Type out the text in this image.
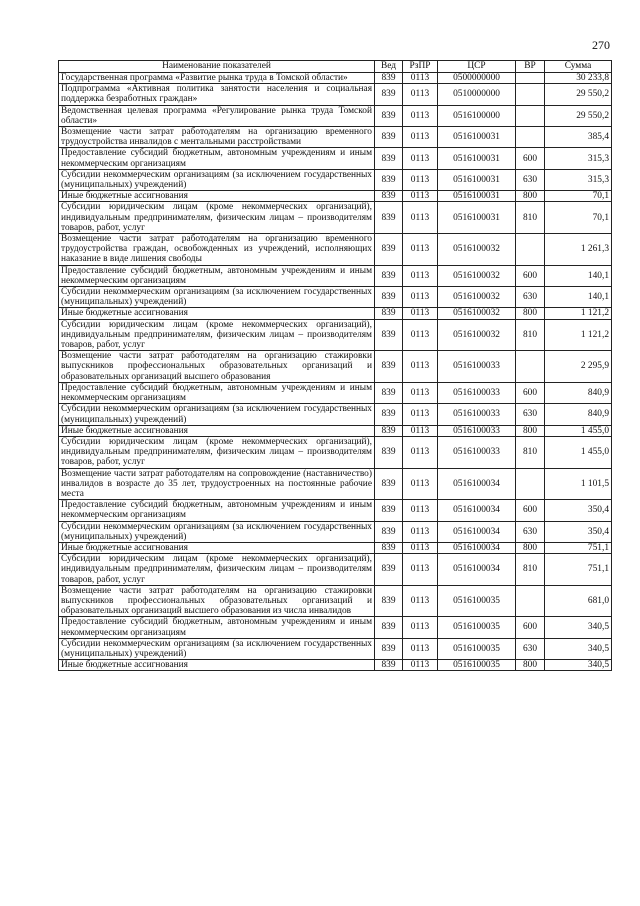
270
Наименование показателей	Вед	РзПР	ЦСР	ВР	Сумма
Государственная программа «Развитие рынка труда в Томской области»	839	0113	0500000000		30 233,8
Подпрограмма «Активная политика занятости населения и социальная поддержка безработных граждан»	839	0113	0510000000		29 550,2
Ведомственная целевая программа «Регулирование рынка труда Томской области»	839	0113	0516100000		29 550,2
Возмещение части затрат работодателям на организацию временного трудоустройства инвалидов с ментальными расстройствами	839	0113	0516100031		385,4
Предоставление субсидий бюджетным, автономным учреждениям и иным некоммерческим организациям	839	0113	0516100031	600	315,3
Субсидии некоммерческим организациям (за исключением государственных (муниципальных) учреждений)	839	0113	0516100031	630	315,3
Иные бюджетные ассигнования	839	0113	0516100031	800	70,1
Субсидии юридическим лицам (кроме некоммерческих организаций), индивидуальным предпринимателям, физическим лицам – производителям товаров, работ, услуг	839	0113	0516100031	810	70,1
Возмещение части затрат работодателям на организацию временного трудоустройства граждан, освобожденных из учреждений, исполняющих наказание в виде лишения свободы	839	0113	0516100032		1 261,3
Предоставление субсидий бюджетным, автономным учреждениям и иным некоммерческим организациям	839	0113	0516100032	600	140,1
Субсидии некоммерческим организациям (за исключением государственных (муниципальных) учреждений)	839	0113	0516100032	630	140,1
Иные бюджетные ассигнования	839	0113	0516100032	800	1 121,2
Субсидии юридическим лицам (кроме некоммерческих организаций), индивидуальным предпринимателям, физическим лицам – производителям товаров, работ, услуг	839	0113	0516100032	810	1 121,2
Возмещение части затрат работодателям на организацию стажировки выпускников профессиональных образовательных организаций и образовательных организаций высшего образования	839	0113	0516100033		2 295,9
Предоставление субсидий бюджетным, автономным учреждениям и иным некоммерческим организациям	839	0113	0516100033	600	840,9
Субсидии некоммерческим организациям (за исключением государственных (муниципальных) учреждений)	839	0113	0516100033	630	840,9
Иные бюджетные ассигнования	839	0113	0516100033	800	1 455,0
Субсидии юридическим лицам (кроме некоммерческих организаций), индивидуальным предпринимателям, физическим лицам – производителям товаров, работ, услуг	839	0113	0516100033	810	1 455,0
Возмещение части затрат работодателям на сопровождение (наставничество) инвалидов в возрасте до 35 лет, трудоустроенных на постоянные рабочие места	839	0113	0516100034		1 101,5
Предоставление субсидий бюджетным, автономным учреждениям и иным некоммерческим организациям	839	0113	0516100034	600	350,4
Субсидии некоммерческим организациям (за исключением государственных (муниципальных) учреждений)	839	0113	0516100034	630	350,4
Иные бюджетные ассигнования	839	0113	0516100034	800	751,1
Субсидии юридическим лицам (кроме некоммерческих организаций), индивидуальным предпринимателям, физическим лицам – производителям товаров, работ, услуг	839	0113	0516100034	810	751,1
Возмещение части затрат работодателям на организацию стажировки выпускников профессиональных образовательных организаций и образовательных организаций высшего образования из числа инвалидов	839	0113	0516100035		681,0
Предоставление субсидий бюджетным, автономным учреждениям и иным некоммерческим организациям	839	0113	0516100035	600	340,5
Субсидии некоммерческим организациям (за исключением государственных (муниципальных) учреждений)	839	0113	0516100035	630	340,5
Иные бюджетные ассигнования	839	0113	0516100035	800	340,5
